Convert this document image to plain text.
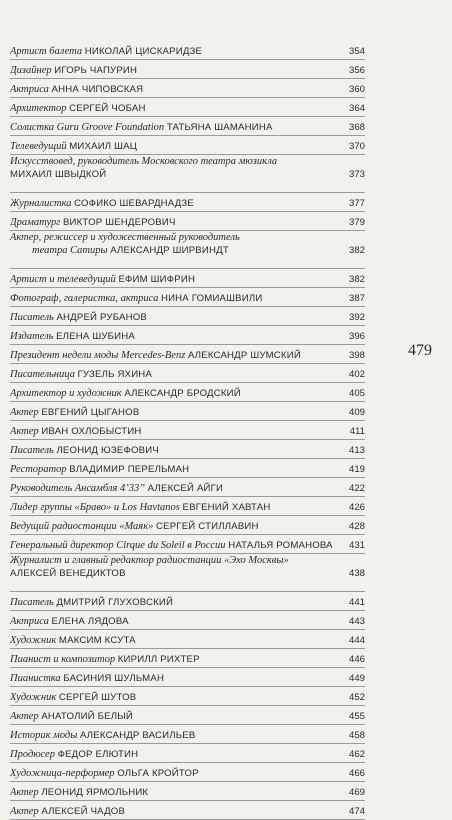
Артист балета НИКОЛАЙ ЦИСКАРИДЗЕ	354
Дизайнер ИГОРЬ ЧАПУРИН	356
Актриса АННА ЧИПОВСКАЯ	360
Архитектор СЕРГЕЙ ЧОБАН	364
Солистка Guru Groove Foundation ТАТЬЯНА ШАМАНИНА	368
Телеведущий МИХАИЛ ШАЦ	370
Искусствовед, руководитель Московского театра мюзикла
МИХАИЛ ШВЫДКОЙ	373
Журналистка СОФИКО ШЕВАРДНАДЗЕ	377
Драматург ВИКТОР ШЕНДЕРОВИЧ	379
Актер, режиссер и художественный руководитель
театра Сатиры АЛЕКСАНДР ШИРВИНДТ	382
Артист и телеведущий ЕФИМ ШИФРИН	382
Фотограф, галеристка, актриса НИНА ГОМИАШВИЛИ	387
Писатель АНДРЕЙ РУБАНОВ	392
Издатель ЕЛЕНА ШУБИНА	396
Президент недели моды Mercedes-Benz АЛЕКСАНДР ШУМСКИЙ	398
Писательница ГУЗЕЛЬ ЯХИНА	402
Архитектор и художник АЛЕКСАНДР БРОДСКИЙ	405
Актер ЕВГЕНИЙ ЦЫГАНОВ	409
Актер ИВАН ОХЛОБЫСТИН	411
Писатель ЛЕОНИД ЮЗЕФОВИЧ	413
Ресторатор ВЛАДИМИР ПЕРЕЛЬМАН	419
Руководитель Ансамбля 4’33” АЛЕКСЕЙ АЙГИ	422
Лидер группы «Браво» и Los Havtanos ЕВГЕНИЙ ХАВТАН	426
Ведущий радиостанции «Маяк» СЕРГЕЙ СТИЛЛАВИН	428
Генеральный директор Cirque du Soleil в России НАТАЛЬЯ РОМАНОВА	431
Журналист и главный редактор радиостанции «Эхо Москвы»
АЛЕКСЕЙ ВЕНЕДИКТОВ	438
Писатель ДМИТРИЙ ГЛУХОВСКИЙ	441
Актриса ЕЛЕНА ЛЯДОВА	443
Художник МАКСИМ КСУТА	444
Пианист и композитор КИРИЛЛ РИХТЕР	446
Пианистка БАСИНИЯ ШУЛЬМАН	449
Художник СЕРГЕЙ ШУТОВ	452
Актер АНАТОЛИЙ БЕЛЫЙ	455
Историк моды АЛЕКСАНДР ВАСИЛЬЕВ	458
Продюсер ФЕДОР ЕЛЮТИН	462
Художница-перформер ОЛЬГА КРОЙТОР	466
Актер ЛЕОНИД ЯРМОЛЬНИК	469
Актер АЛЕКСЕЙ ЧАДОВ	474
479
